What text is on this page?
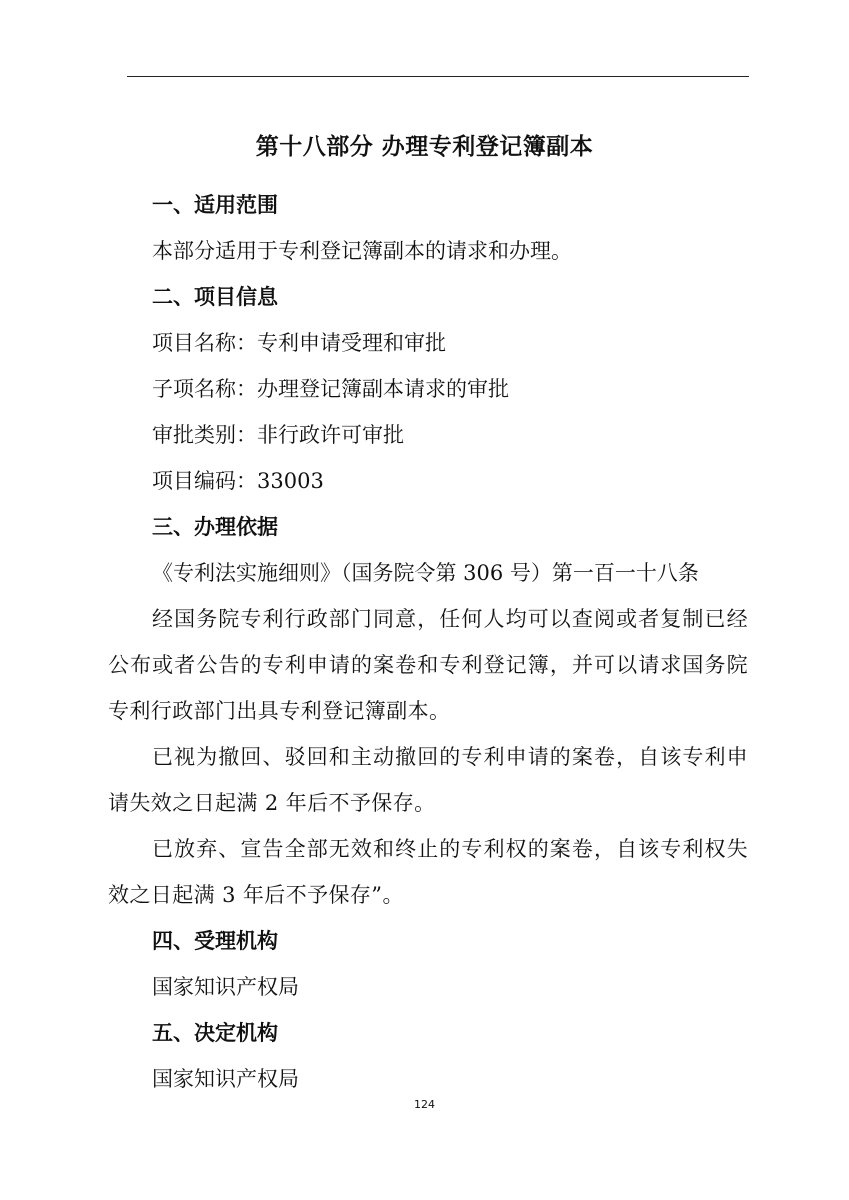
第十八部分 办理专利登记簿副本

一、适用范围

本部分适用于专利登记簿副本的请求和办理。

二、项目信息

项目名称：专利申请受理和审批

子项名称：办理登记簿副本请求的审批

审批类别：非行政许可审批

项目编码：33003

三、办理依据

《专利法实施细则》（国务院令第 306 号）第一百一十八条

经国务院专利行政部门同意，任何人均可以查阅或者复制已经公布或者公告的专利申请的案卷和专利登记簿，并可以请求国务院专利行政部门出具专利登记簿副本。

已视为撤回、驳回和主动撤回的专利申请的案卷，自该专利申请失效之日起满 2 年后不予保存。

已放弃、宣告全部无效和终止的专利权的案卷，自该专利权失效之日起满 3 年后不予保存”。

四、受理机构

国家知识产权局

五、决定机构

国家知识产权局

124
